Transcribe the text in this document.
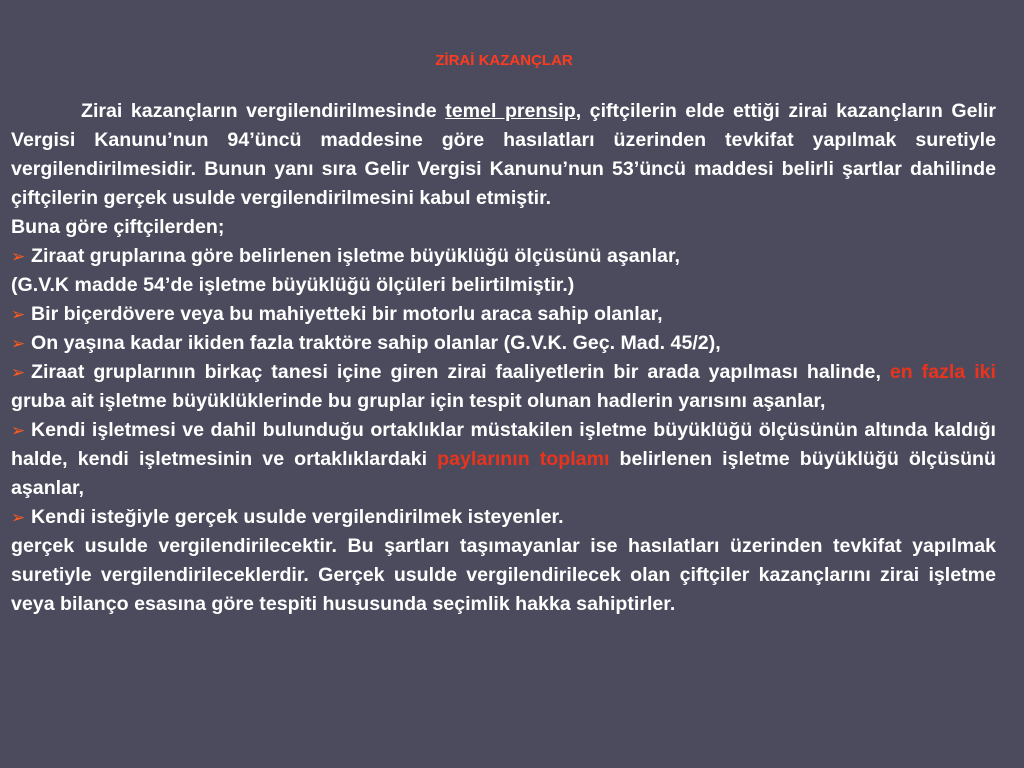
ZİRAİ KAZANÇLAR

Zirai kazançların vergilendirilmesinde temel prensip, çiftçilerin elde ettiği zirai kazançların Gelir Vergisi Kanunu’nun 94’üncü maddesine göre hasılatları üzerinden tevkifat yapılmak suretiyle vergilendirilmesidir. Bunun yanı sıra Gelir Vergisi Kanunu’nun 53’üncü maddesi belirli şartlar dahilinde çiftçilerin gerçek usulde vergilendirilmesini kabul etmiştir.

Buna göre çiftçilerden;

➢ Ziraat gruplarına göre belirlenen işletme büyüklüğü ölçüsünü aşanlar,

(G.V.K madde 54’de işletme büyüklüğü ölçüleri belirtilmiştir.)

➢ Bir biçerdövere veya bu mahiyetteki bir motorlu araca sahip olanlar,

➢ On yaşına kadar ikiden fazla traktöre sahip olanlar (G.V.K. Geç. Mad. 45/2),

➢ Ziraat gruplarının birkaç tanesi içine giren zirai faaliyetlerin bir arada yapılması halinde, en fazla iki gruba ait işletme büyüklüklerinde bu gruplar için tespit olunan hadlerin yarısını aşanlar,

➢ Kendi işletmesi ve dahil bulunduğu ortaklıklar müstakilen işletme büyüklüğü ölçüsünün altında kaldığı halde, kendi işletmesinin ve ortaklıklardaki paylarının toplamı belirlenen işletme büyüklüğü ölçüsünü aşanlar,

➢ Kendi isteğiyle gerçek usulde vergilendirilmek isteyenler.

gerçek usulde vergilendirilecektir. Bu şartları taşımayanlar ise hasılatları üzerinden tevkifat yapılmak suretiyle vergilendirileceklerdir. Gerçek usulde vergilendirilecek olan çiftçiler kazançlarını zirai işletme veya bilanço esasına göre tespiti hususunda seçimlik hakka sahiptirler.
